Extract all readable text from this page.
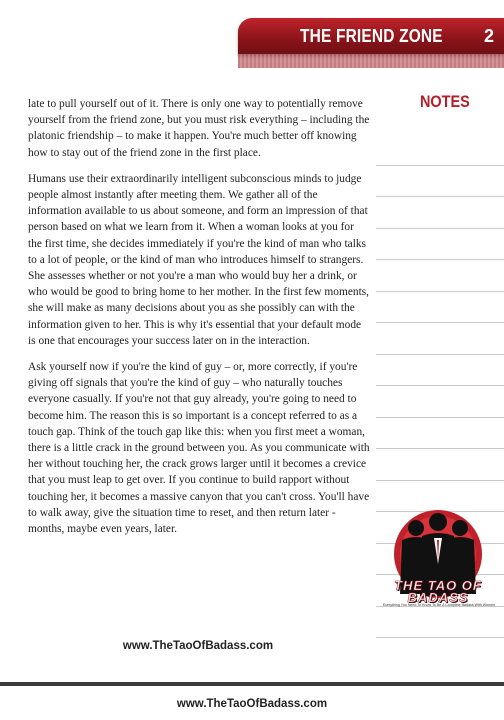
THE FRIEND ZONE 2
NOTES

late to pull yourself out of it. There is only one way to potentially remove yourself from the friend zone, but you must risk everything – including the platonic friendship – to make it happen. You're much better off knowing how to stay out of the friend zone in the first place.

Humans use their extraordinarily intelligent subconscious minds to judge people almost instantly after meeting them. We gather all of the information available to us about someone, and form an impression of that person based on what we learn from it. When a woman looks at you for the first time, she decides immediately if you're the kind of man who talks to a lot of people, or the kind of man who introduces himself to strangers. She assesses whether or not you're a man who would buy her a drink, or who would be good to bring home to her mother. In the first few moments, she will make as many decisions about you as she possibly can with the information given to her. This is why it's essential that your default mode is one that encourages your success later on in the interaction.

Ask yourself now if you're the kind of guy – or, more correctly, if you're giving off signals that you're the kind of guy – who naturally touches everyone casually. If you're not that guy already, you're going to need to become him. The reason this is so important is a concept referred to as a touch gap. Think of the touch gap like this: when you first meet a woman, there is a little crack in the ground between you. As you communicate with her without touching her, the crack grows larger until it becomes a crevice that you must leap to get over. If you continue to build rapport without touching her, it becomes a massive canyon that you can't cross. You'll have to walk away, give the situation time to reset, and then return later - months, maybe even years, later.

THE TAO OF
BADASS
Everything You Need To Know To Be A Complete Badass With Women
www.TheTaoOfBadass.com
www.TheTaoOfBadass.com
